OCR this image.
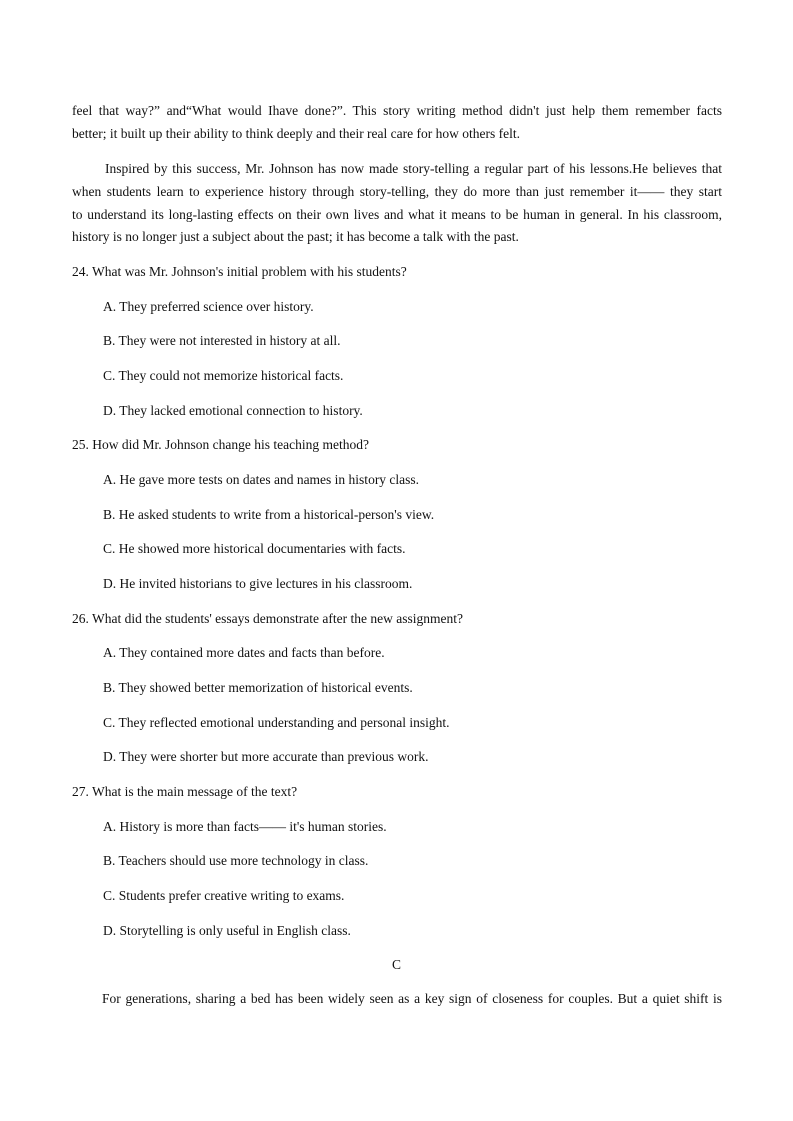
feel that way?” and“What would Ihave done?”. This story writing method didn't just help them remember facts
better; it built up their ability to think deeply and their real care for how others felt.

Inspired by this success, Mr. Johnson has now made story-telling a regular part of his lessons.He believes that
when students learn to experience history through story-telling, they do more than just remember it—— they start
to understand its long-lasting effects on their own lives and what it means to be human in general. In his classroom,
history is no longer just a subject about the past; it has become a talk with the past.

24. What was Mr. Johnson's initial problem with his students?

A. They preferred science over history.

B. They were not interested in history at all.

C. They could not memorize historical facts.

D. They lacked emotional connection to history.

25. How did Mr. Johnson change his teaching method?

A. He gave more tests on dates and names in history class.

B. He asked students to write from a historical-person's view.

C. He showed more historical documentaries with facts.

D. He invited historians to give lectures in his classroom.

26. What did the students' essays demonstrate after the new assignment?

A. They contained more dates and facts than before.

B. They showed better memorization of historical events.

C. They reflected emotional understanding and personal insight.

D. They were shorter but more accurate than previous work.

27. What is the main message of the text?

A. History is more than facts—— it's human stories.

B. Teachers should use more technology in class.

C. Students prefer creative writing to exams.

D. Storytelling is only useful in English class.

C

For generations, sharing a bed has been widely seen as a key sign of closeness for couples. But a quiet shift is
